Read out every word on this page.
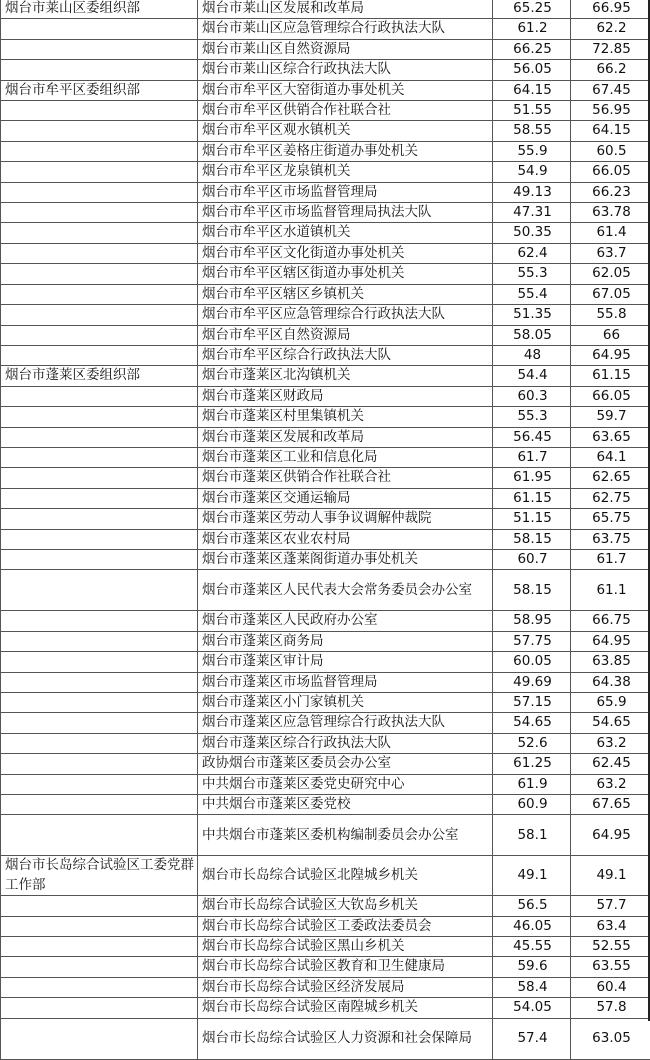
烟台市莱山区委组织部	烟台市莱山区发展和改革局	65.25	66.95
	烟台市莱山区应急管理综合行政执法大队	61.2	62.2
	烟台市莱山区自然资源局	66.25	72.85
	烟台市莱山区综合行政执法大队	56.05	66.2
烟台市牟平区委组织部	烟台市牟平区大窑街道办事处机关	64.15	67.45
	烟台市牟平区供销合作社联合社	51.55	56.95
	烟台市牟平区观水镇机关	58.55	64.15
	烟台市牟平区姜格庄街道办事处机关	55.9	60.5
	烟台市牟平区龙泉镇机关	54.9	66.05
	烟台市牟平区市场监督管理局	49.13	66.23
	烟台市牟平区市场监督管理局执法大队	47.31	63.78
	烟台市牟平区水道镇机关	50.35	61.4
	烟台市牟平区文化街道办事处机关	62.4	63.7
	烟台市牟平区辖区街道办事处机关	55.3	62.05
	烟台市牟平区辖区乡镇机关	55.4	67.05
	烟台市牟平区应急管理综合行政执法大队	51.35	55.8
	烟台市牟平区自然资源局	58.05	66
	烟台市牟平区综合行政执法大队	48	64.95
烟台市蓬莱区委组织部	烟台市蓬莱区北沟镇机关	54.4	61.15
	烟台市蓬莱区财政局	60.3	66.05
	烟台市蓬莱区村里集镇机关	55.3	59.7
	烟台市蓬莱区发展和改革局	56.45	63.65
	烟台市蓬莱区工业和信息化局	61.7	64.1
	烟台市蓬莱区供销合作社联合社	61.95	62.65
	烟台市蓬莱区交通运输局	61.15	62.75
	烟台市蓬莱区劳动人事争议调解仲裁院	51.15	65.75
	烟台市蓬莱区农业农村局	58.15	63.75
	烟台市蓬莱区蓬莱阁街道办事处机关	60.7	61.7
	烟台市蓬莱区人民代表大会常务委员会办公室	58.15	61.1
	烟台市蓬莱区人民政府办公室	58.95	66.75
	烟台市蓬莱区商务局	57.75	64.95
	烟台市蓬莱区审计局	60.05	63.85
	烟台市蓬莱区市场监督管理局	49.69	64.38
	烟台市蓬莱区小门家镇机关	57.15	65.9
	烟台市蓬莱区应急管理综合行政执法大队	54.65	54.65
	烟台市蓬莱区综合行政执法大队	52.6	63.2
	政协烟台市蓬莱区委员会办公室	61.25	62.45
	中共烟台市蓬莱区委党史研究中心	61.9	63.2
	中共烟台市蓬莱区委党校	60.9	67.65
	中共烟台市蓬莱区委机构编制委员会办公室	58.1	64.95
烟台市长岛综合试验区工委党群工作部	烟台市长岛综合试验区北隍城乡机关	49.1	49.1
	烟台市长岛综合试验区大钦岛乡机关	56.5	57.7
	烟台市长岛综合试验区工委政法委员会	46.05	63.4
	烟台市长岛综合试验区黑山乡机关	45.55	52.55
	烟台市长岛综合试验区教育和卫生健康局	59.6	63.55
	烟台市长岛综合试验区经济发展局	58.4	60.4
	烟台市长岛综合试验区南隍城乡机关	54.05	57.8
	烟台市长岛综合试验区人力资源和社会保障局	57.4	63.05
